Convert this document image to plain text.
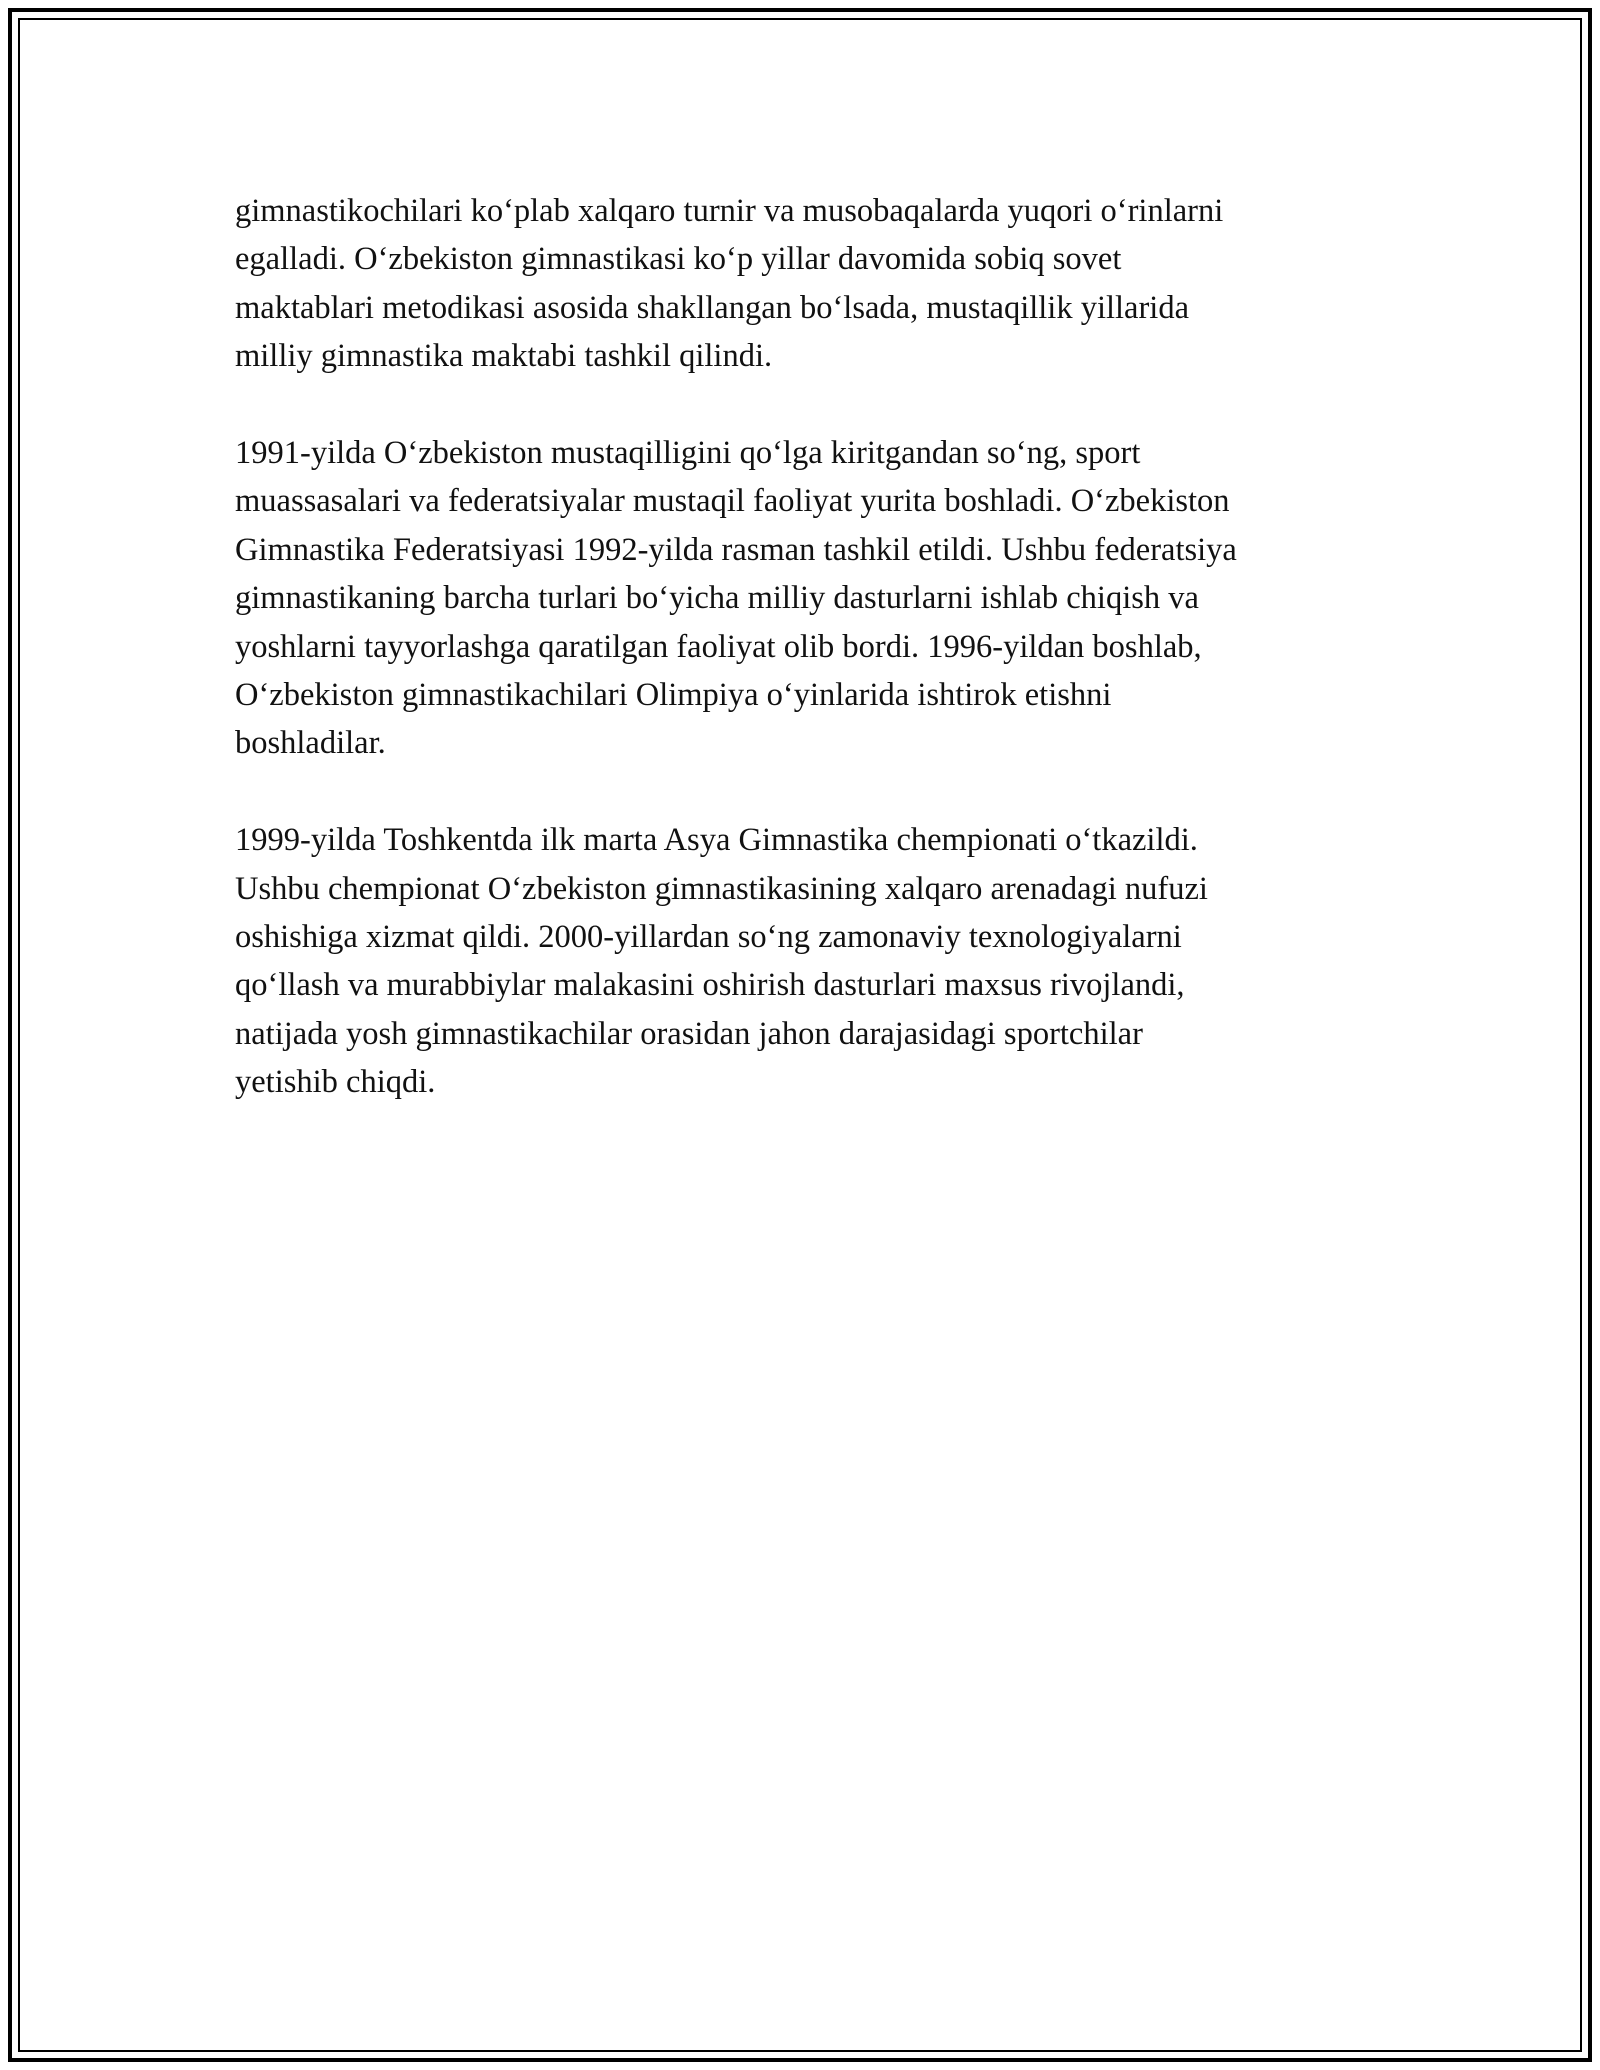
gimnastikochilari koʻplab xalqaro turnir va musobaqalarda yuqori oʻrinlarni
egalladi. Oʻzbekiston gimnastikasi koʻp yillar davomida sobiq sovet
maktablari metodikasi asosida shakllangan boʻlsada, mustaqillik yillarida
milliy gimnastika maktabi tashkil qilindi.

1991-yilda Oʻzbekiston mustaqilligini qoʻlga kiritgandan soʻng, sport
muassasalari va federatsiyalar mustaqil faoliyat yurita boshladi. Oʻzbekiston
Gimnastika Federatsiyasi 1992-yilda rasman tashkil etildi. Ushbu federatsiya
gimnastikaning barcha turlari boʻyicha milliy dasturlarni ishlab chiqish va
yoshlarni tayyorlashga qaratilgan faoliyat olib bordi. 1996-yildan boshlab,
Oʻzbekiston gimnastikachilari Olimpiya oʻyinlarida ishtirok etishni
boshladilar.

1999-yilda Toshkentda ilk marta Asya Gimnastika chempionati oʻtkazildi.
Ushbu chempionat Oʻzbekiston gimnastikasining xalqaro arenadagi nufuzi
oshishiga xizmat qildi. 2000-yillardan soʻng zamonaviy texnologiyalarni
qoʻllash va murabbiylar malakasini oshirish dasturlari maxsus rivojlandi,
natijada yosh gimnastikachilar orasidan jahon darajasidagi sportchilar
yetishib chiqdi.
